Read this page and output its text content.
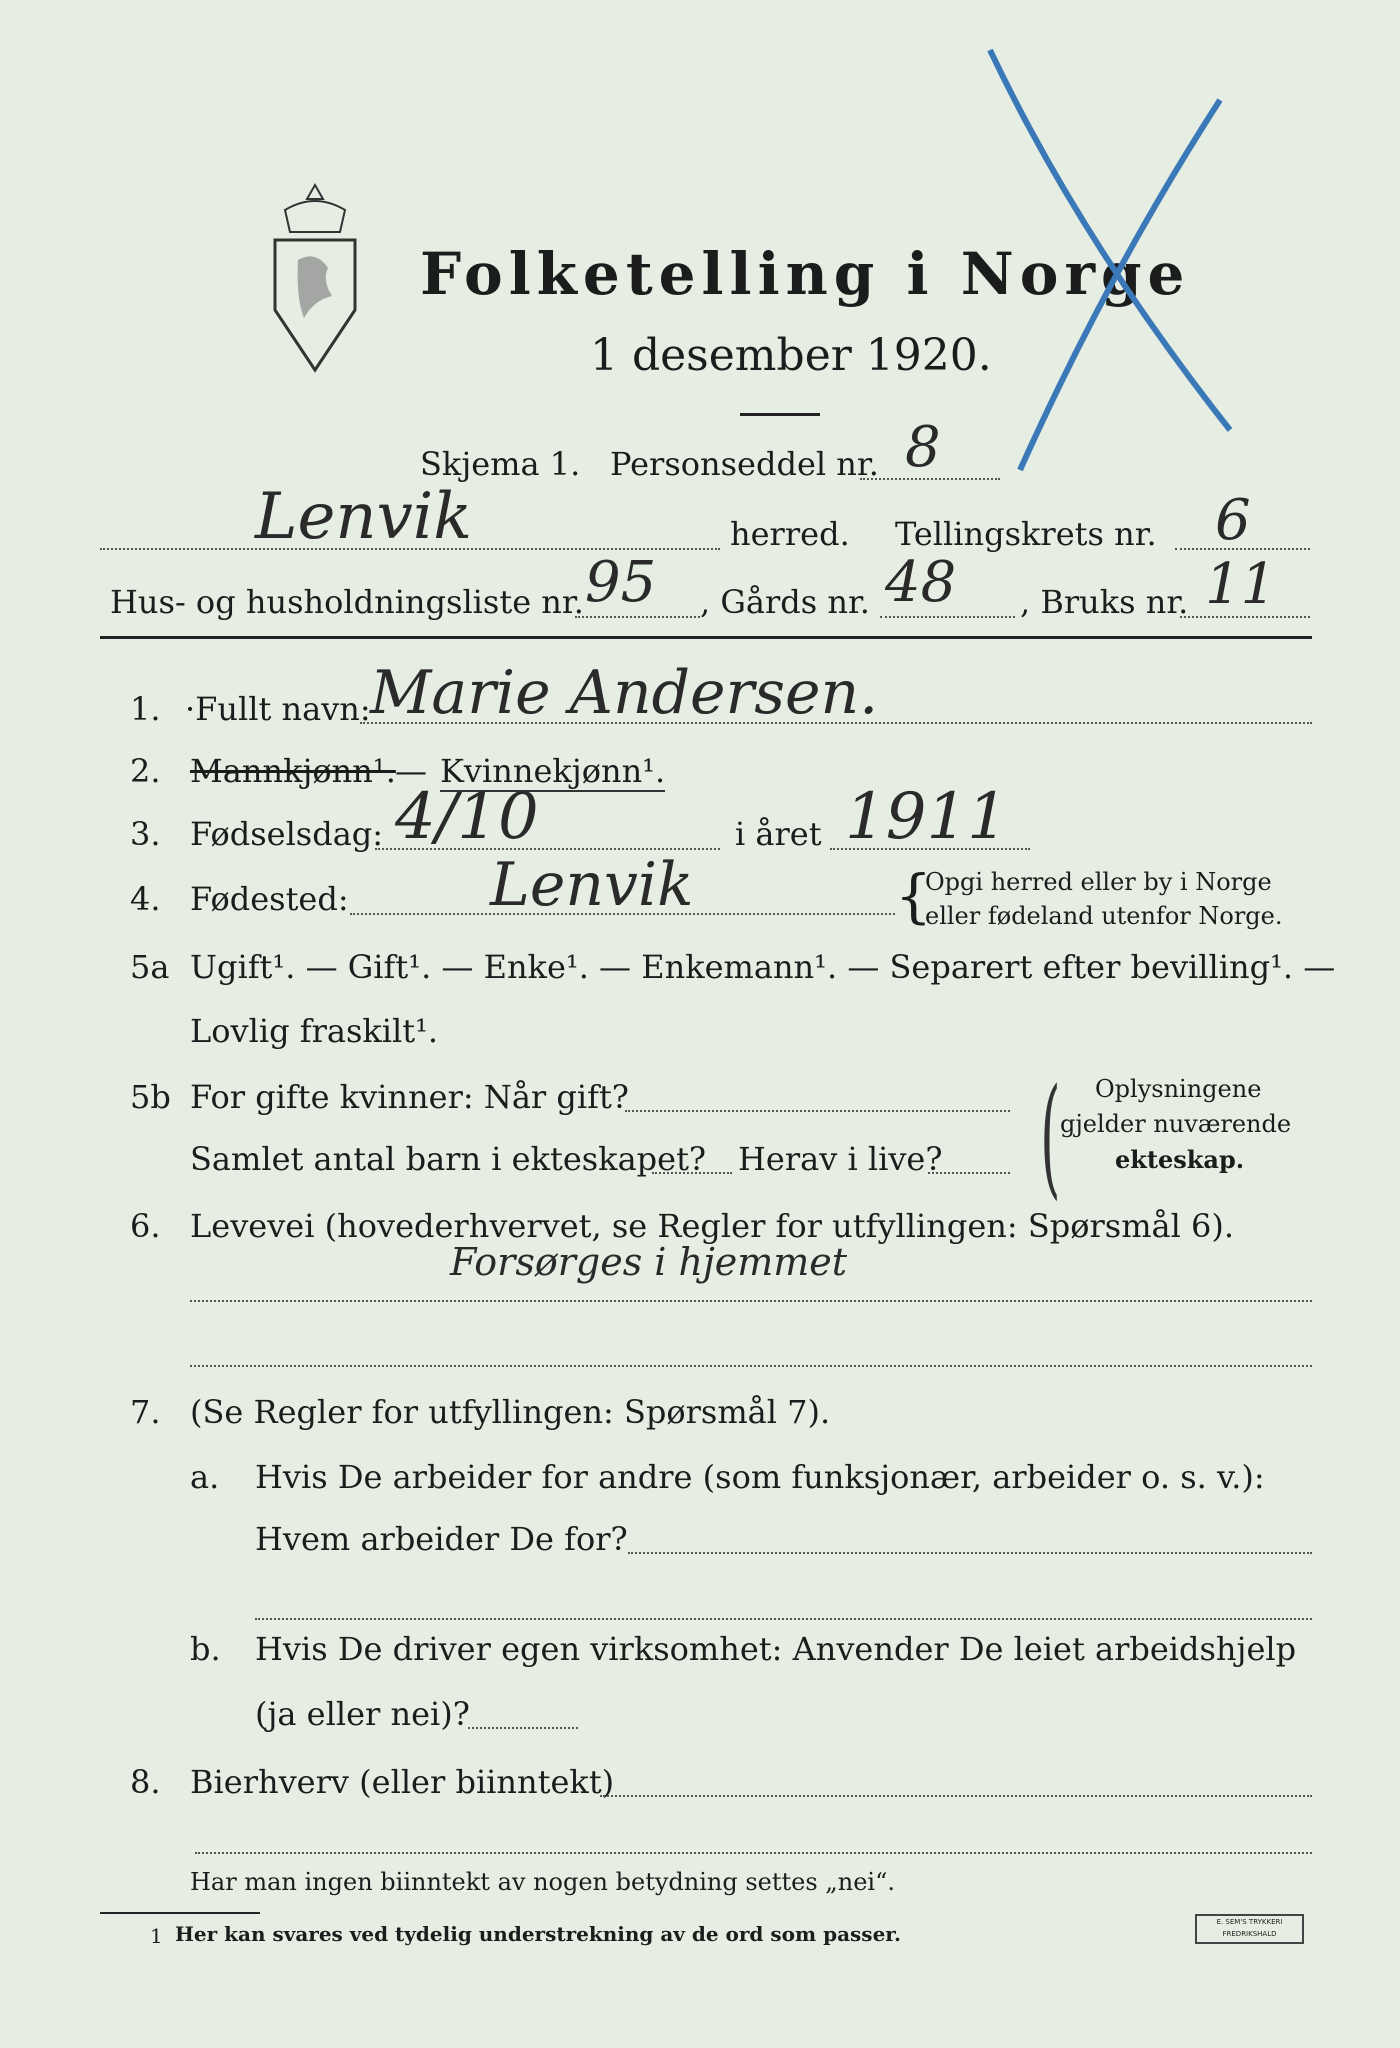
Folketelling i Norge
1 desember 1920.
Skjema 1. Personseddel nr. 8
Lenvik	herred. Tellingskrets nr. 6
Hus- og husholdningsliste nr. 95 , Gårds nr. 48 , Bruks nr. 11
1. ·Fullt navn: Marie Andersen.
2. Mannkjønn¹. — Kvinnekjønn¹.
3. Fødselsdag: 4/10	i året 1911
4. Fødested: Lenvik	{
Opgi herred eller by i Norge
eller fødeland utenfor Norge.
5a Ugift¹. — Gift¹. — Enke¹. — Enkemann¹. — Separert efter bevilling¹. —
Lovlig fraskilt¹.
5b For gifte kvinner: Når gift?
Samlet antal barn i ekteskapet? Herav i live? ( Oplysningene
gjelder nuværende
ekteskap.
6. Levevei (hovederhvervet, se Regler for utfyllingen: Spørsmål 6).
Forsørges i hjemmet
7. (Se Regler for utfyllingen: Spørsmål 7).
a. Hvis De arbeider for andre (som funksjonær, arbeider o. s. v.):
Hvem arbeider De for?
b. Hvis De driver egen virksomhet: Anvender De leiet arbeidshjelp
(ja eller nei)?
8. Bierhverv (eller biinntekt)
Har man ingen biinntekt av nogen betydning settes „nei“.
1 Her kan svares ved tydelig understrekning av de ord som passer.	E. SEM'S TRYKKERI FREDRIKSHALD
